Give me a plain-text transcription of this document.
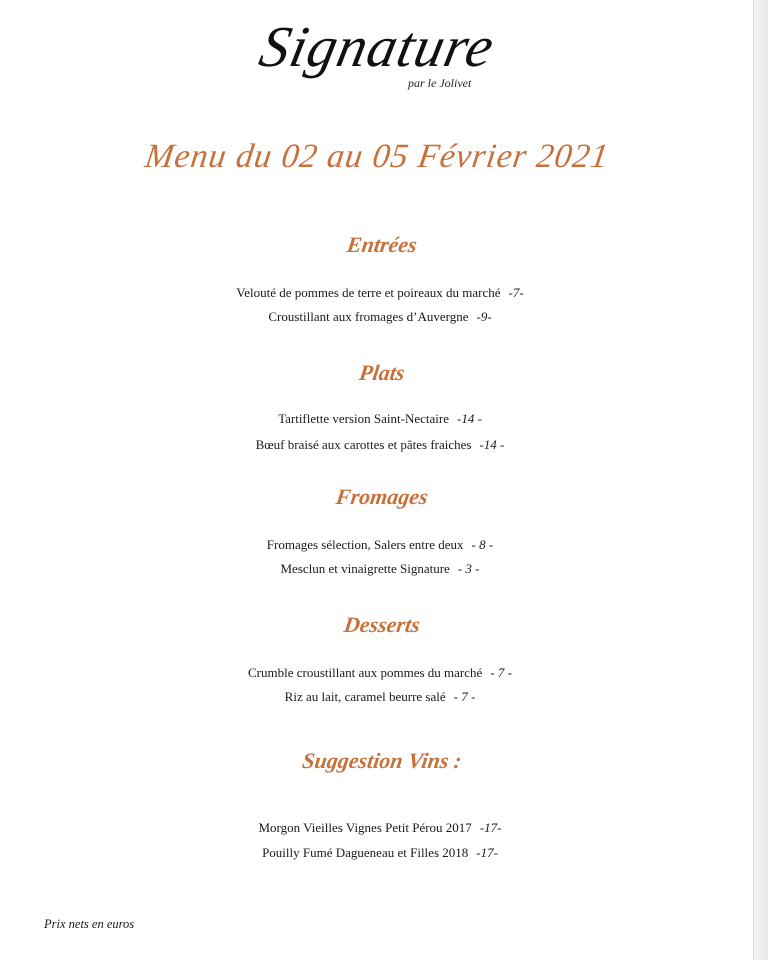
Signature
par le Jolivet
Menu du 02 au 05 Février 2021
Entrées
Velouté de pommes de terre et poireaux du marché -7-
Croustillant aux fromages d’Auvergne -9-
Plats
Tartiflette version Saint-Nectaire -14 -
Bœuf braisé aux carottes et pâtes fraiches -14 -
Fromages
Fromages sélection, Salers entre deux - 8 -
Mesclun et vinaigrette Signature - 3 -
Desserts
Crumble croustillant aux pommes du marché - 7 -
Riz au lait, caramel beurre salé - 7 -
Suggestion Vins :
Morgon Vieilles Vignes Petit Pérou 2017 -17-
Pouilly Fumé Dagueneau et Filles 2018 -17-
Prix nets en euros
